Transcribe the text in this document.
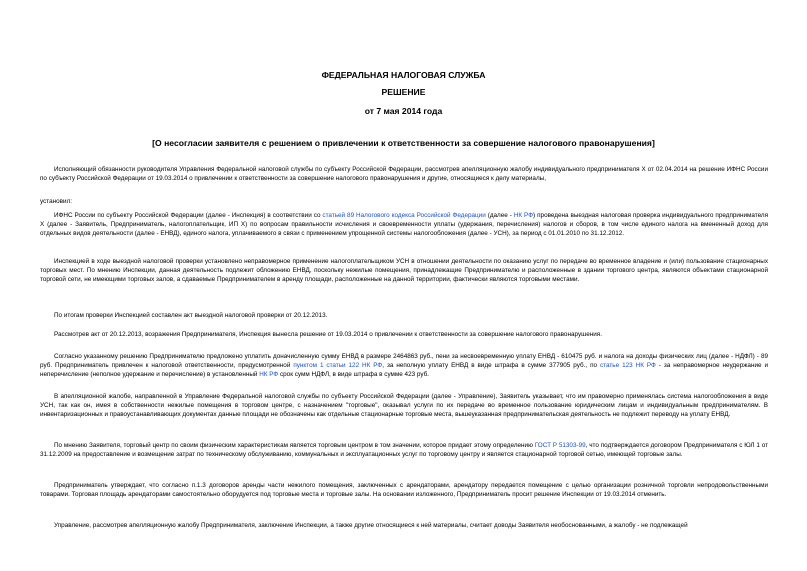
ФЕДЕРАЛЬНАЯ НАЛОГОВАЯ СЛУЖБА
РЕШЕНИЕ
от 7 мая 2014 года
[О несогласии заявителя с решением о привлечении к ответственности за совершение налогового правонарушения]
Исполняющий обязанности руководителя Управления Федеральной налоговой службы по субъекту Российской Федерации, рассмотрев апелляционную жалобу индивидуального предпринимателя Х от 02.04.2014 на решение ИФНС России по субъекту Российской Федерации от 19.03.2014 о привлечении к ответственности за совершение налогового правонарушения и другие, относящиеся к делу материалы,
установил:
ИФНС России по субъекту Российской Федерации (далее - Инспекция) в соответствии со статьей 89 Налогового кодекса Российской Федерации (далее - НК РФ) проведена выездная налоговая проверка индивидуального предпринимателя Х (далее - Заявитель, Предприниматель, налогоплательщик, ИП Х) по вопросам правильности исчисления и своевременности уплаты (удержания, перечисления) налогов и сборов, в том числе единого налога на вмененный доход для отдельных видов деятельности (далее - ЕНВД), единого налога, уплачиваемого в связи с применением упрощенной системы налогообложения (далее - УСН), за период с 01.01.2010 по 31.12.2012.
Инспекцией в ходе выездной налоговой проверки установлено неправомерное применение налогоплательщиком УСН в отношении деятельности по оказанию услуг по передаче во временное владение и (или) пользование стационарных торговых мест. По мнению Инспекции, данная деятельность подлежит обложению ЕНВД, поскольку нежилые помещения, принадлежащие Предпринимателю и расположенные в здании торгового центра, являются объектами стационарной торговой сети, не имеющими торговых залов, а сдаваемые Предпринимателем в аренду площади, расположенные на данной территории, фактически являются торговыми местами.
По итогам проверки Инспекцией составлен акт выездной налоговой проверки от 20.12.2013.
Рассмотрев акт от 20.12.2013, возражения Предпринимателя, Инспекция вынесла решение от 19.03.2014 о привлечении к ответственности за совершение налогового правонарушения.
Согласно указанному решению Предпринимателю предложено уплатить доначисленную сумму ЕНВД в размере 2464863 руб., пени за несвоевременную уплату ЕНВД - 610475 руб. и налога на доходы физических лиц (далее - НДФЛ) - 89 руб. Предприниматель привлечен к налоговой ответственности, предусмотренной пунктом 1 статьи 122 НК РФ, за неполную уплату ЕНВД в виде штрафа в сумме 377905 руб., по статье 123 НК РФ - за неправомерное неудержание и неперечисление (неполное удержание и перечисление) в установленный НК РФ срок сумм НДФЛ, в виде штрафа в сумме 423 руб.
В апелляционной жалобе, направленной в Управление Федеральной налоговой службы по субъекту Российской Федерации (далее - Управление), Заявитель указывает, что им правомерно применялась система налогообложения в виде УСН, так как он, имея в собственности нежилые помещения в торговом центре, с назначением "торговые", оказывал услуги по их передаче во временное пользование юридическим лицам и индивидуальным предпринимателям. В инвентаризационных и правоустанавливающих документах данные площади не обозначены как отдельные стационарные торговые места, вышеуказанная предпринимательская деятельность не подлежит переводу на уплату ЕНВД.
По мнению Заявителя, торговый центр по своим физическим характеристикам является торговым центром в том значении, которое придает этому определению ГОСТ Р 51303-99, что подтверждается договором Предпринимателя с ЮЛ 1 от 31.12.2009 на предоставление и возмещение затрат по техническому обслуживанию, коммунальных и эксплуатационных услуг по торговому центру и является стационарной торговой сетью, имеющей торговые залы.
Предприниматель утверждает, что согласно п.1.3 договоров аренды части нежилого помещения, заключенных с арендаторами, арендатору передается помещение с целью организации розничной торговли непродовольственными товарами. Торговая площадь арендаторами самостоятельно оборудуется под торговые места и торговые залы. На основании изложенного, Предприниматель просит решение Инспекции от 19.03.2014 отменить.
Управление, рассмотрев апелляционную жалобу Предпринимателя, заключение Инспекции, а также другие относящиеся к ней материалы, считает доводы Заявителя необоснованными, а жалобу - не подлежащей
